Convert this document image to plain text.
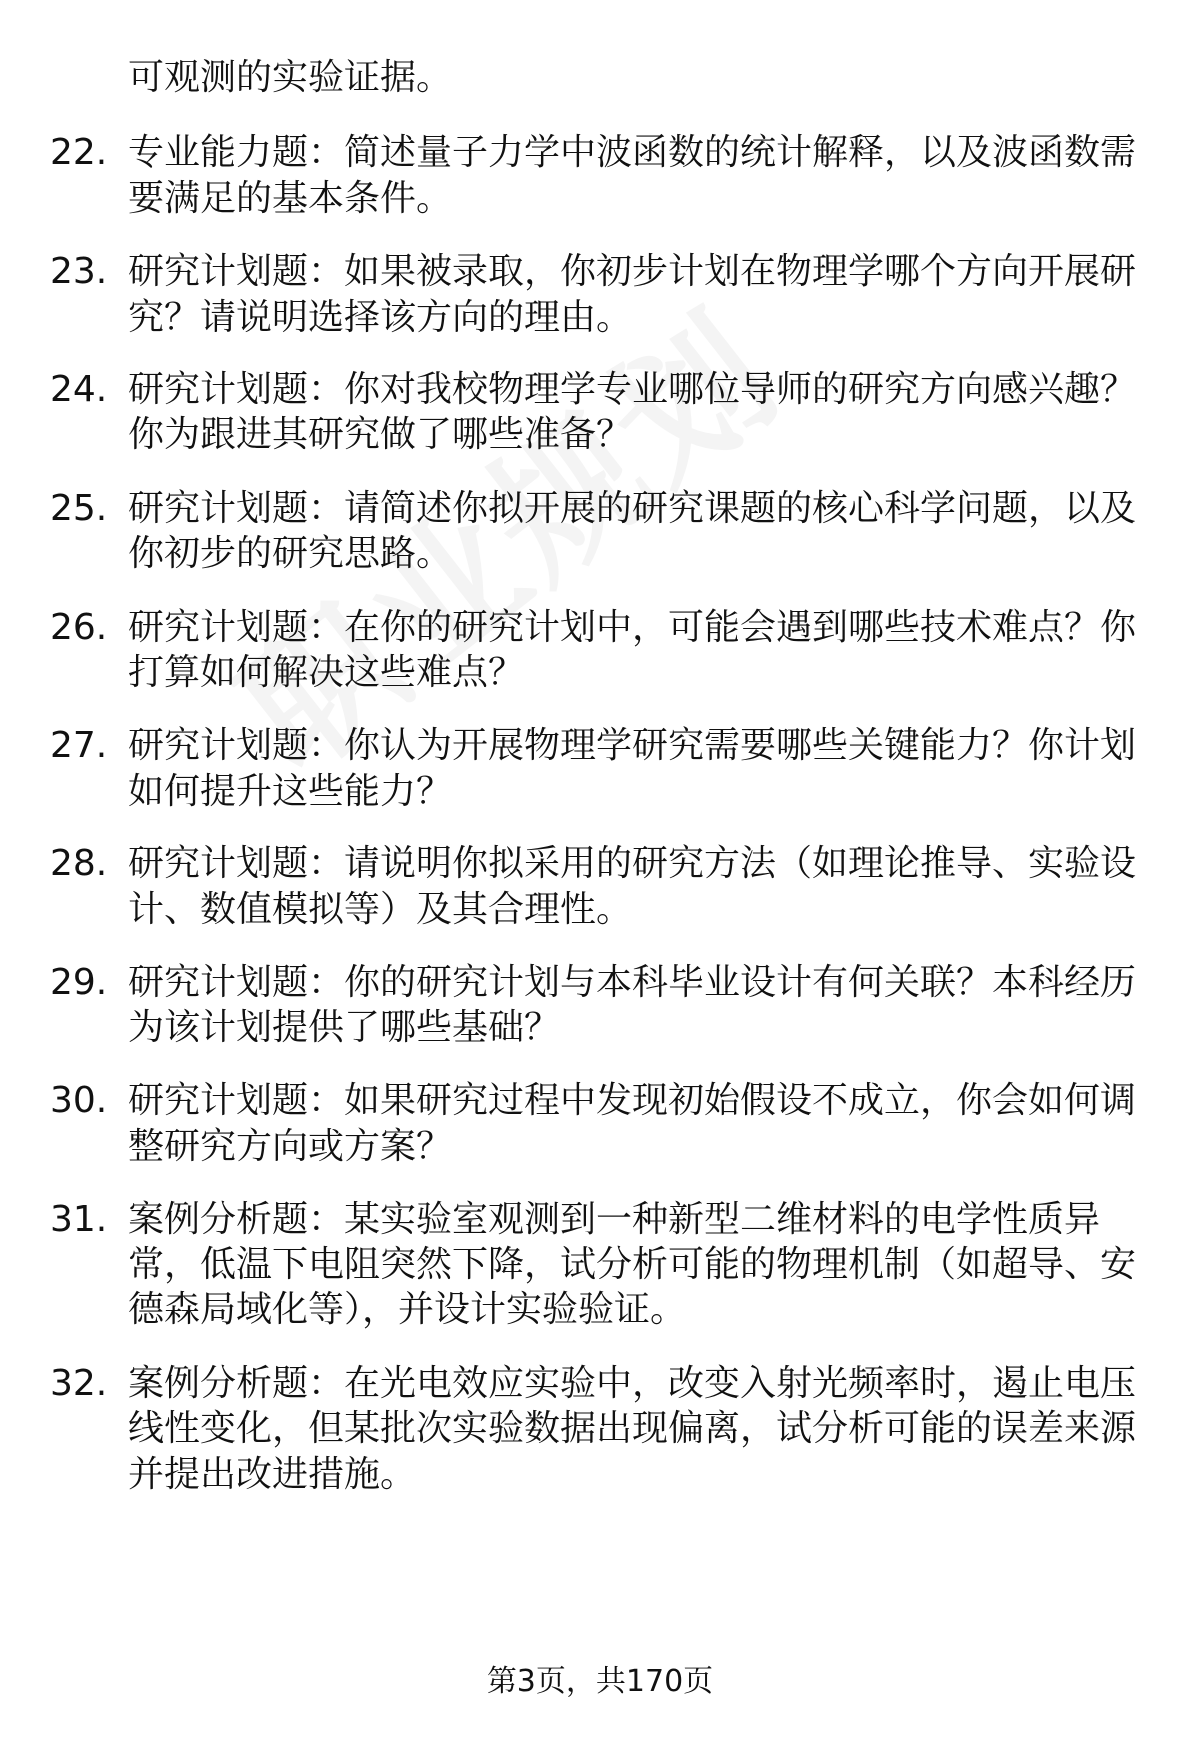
可观测的实验证据。
22. 专业能力题：简述量子力学中波函数的统计解释，以及波函数需
要满足的基本条件。
23. 研究计划题：如果被录取，你初步计划在物理学哪个方向开展研
究？请说明选择该方向的理由。
24. 研究计划题：你对我校物理学专业哪位导师的研究方向感兴趣？
你为跟进其研究做了哪些准备？
25. 研究计划题：请简述你拟开展的研究课题的核心科学问题，以及
你初步的研究思路。
26. 研究计划题：在你的研究计划中，可能会遇到哪些技术难点？你
打算如何解决这些难点？
27. 研究计划题：你认为开展物理学研究需要哪些关键能力？你计划
如何提升这些能力？
28. 研究计划题：请说明你拟采用的研究方法（如理论推导、实验设
计、数值模拟等）及其合理性。
29. 研究计划题：你的研究计划与本科毕业设计有何关联？本科经历
为该计划提供了哪些基础？
30. 研究计划题：如果研究过程中发现初始假设不成立，你会如何调
整研究方向或方案？
31. 案例分析题：某实验室观测到一种新型二维材料的电学性质异
常，低温下电阻突然下降，试分析可能的物理机制（如超导、安
德森局域化等），并设计实验验证。
32. 案例分析题：在光电效应实验中，改变入射光频率时，遏止电压
线性变化，但某批次实验数据出现偏离，试分析可能的误差来源
并提出改进措施。
第3页，共170页
